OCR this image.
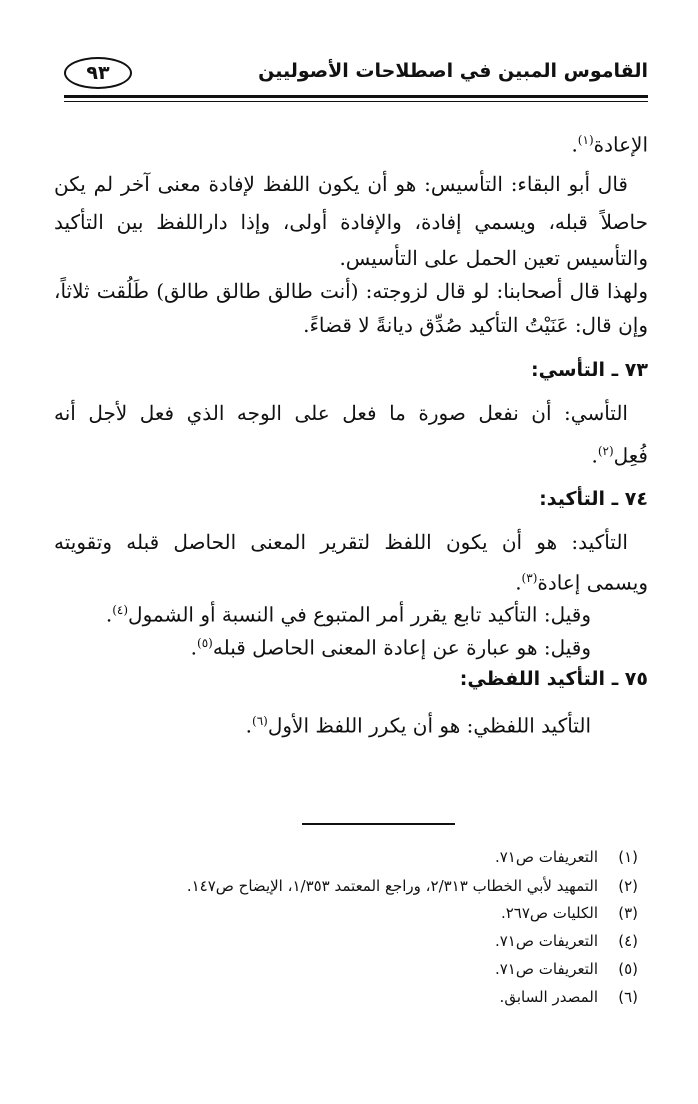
القاموس المبين في اصطلاحات الأصوليين
٩٣
الإعادة$^{(١)}$.
قال أبو البقاء: التأسيس: هو أن يكون اللفظ لإفادة معنى آخر لم يكن
حاصلاً قبله، ويسمي إفادة، والإفادة أولى، وإذا داراللفظ بين التأكيد
والتأسيس تعين الحمل على التأسيس.
ولهذا قال أصحابنا: لو قال لزوجته: (أنت طالق طالق طالق) طَلُقت ثلاثاً،
وإن قال: عَنَيْتُ التأكيد صُدِّق ديانةً لا قضاءً.
٧٣ ـ التأسي:
التأسي: أن نفعل صورة ما فعل على الوجه الذي فعل لأجل أنه
فُعِل$^{(٢)}$.
٧٤ ـ التأكيد:
التأكيد: هو أن يكون اللفظ لتقرير المعنى الحاصل قبله وتقويته
ويسمى إعادة$^{(٣)}$.
وقيل: التأكيد تابع يقرر أمر المتبوع في النسبة أو الشمول$^{(٤)}$.
وقيل: هو عبارة عن إعادة المعنى الحاصل قبله$^{(٥)}$.
٧٥ ـ التأكيد اللفظي:
التأكيد اللفظي: هو أن يكرر اللفظ الأول$^{(٦)}$.
(١)التعريفات ص٧١.
(٢)التمهيد لأبي الخطاب ٢/٣١٣، وراجع المعتمد ١/٣٥٣، الإيضاح ص١٤٧.
(٣)الكليات ص٢٦٧.
(٤)التعريفات ص٧١.
(٥)التعريفات ص٧١.
(٦)المصدر السابق.
